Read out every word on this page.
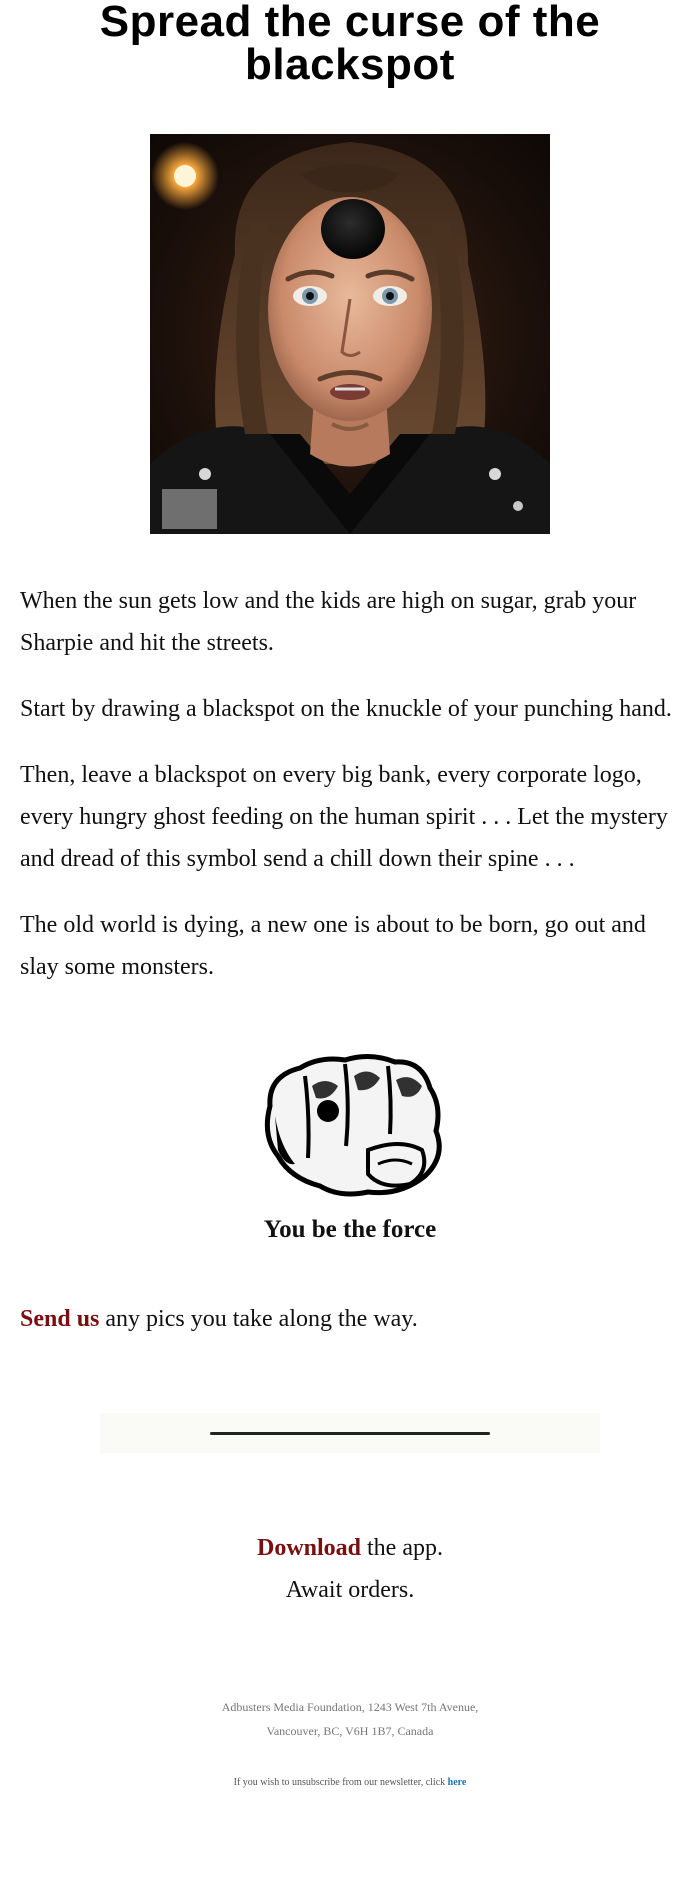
Spread the curse of the
blackspot

When the sun gets low and the kids are high on sugar, grab your Sharpie and hit the streets.

Start by drawing a blackspot on the knuckle of your punching hand.

Then, leave a blackspot on every big bank, every corporate logo, every hungry ghost feeding on the human spirit . . . Let the mystery and dread of this symbol send a chill down their spine . . .

The old world is dying, a new one is about to be born, go out and slay some monsters.

You be the force
Send us any pics you take along the way.
Download the app.
Await orders.
Adbusters Media Foundation, 1243 West 7th Avenue,
Vancouver, BC, V6H 1B7, Canada
If you wish to unsubscribe from our newsletter, click here
